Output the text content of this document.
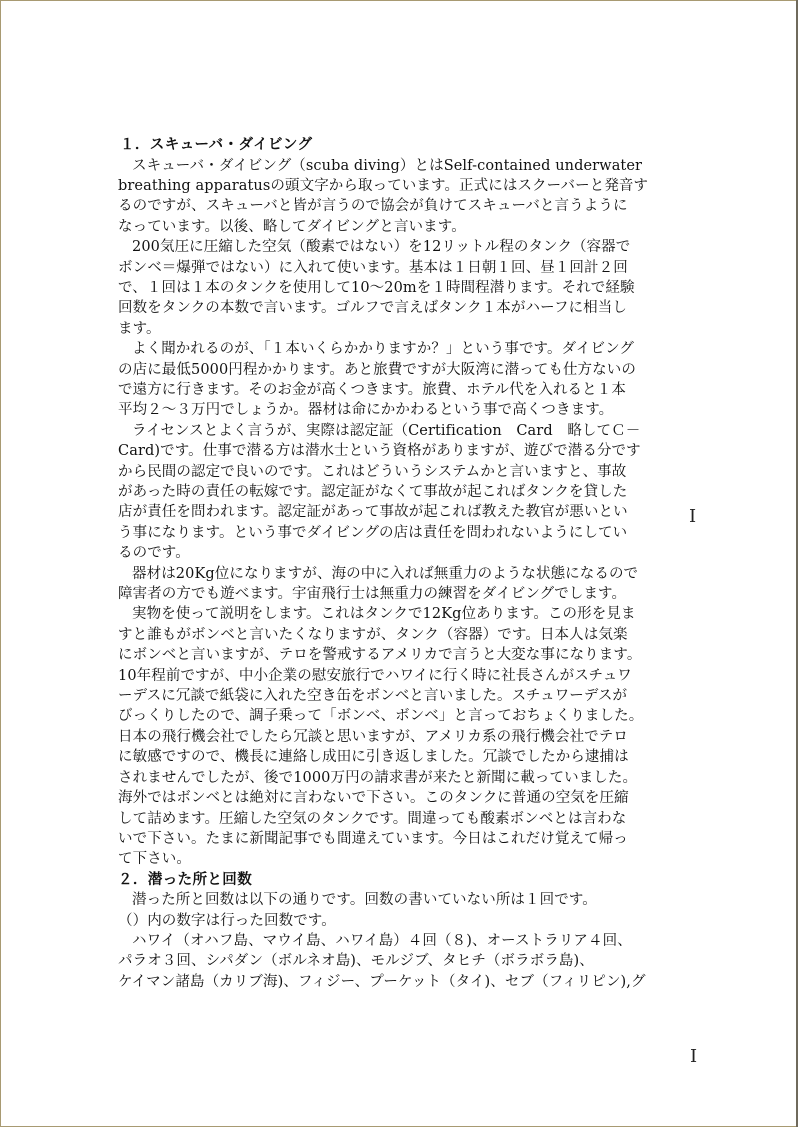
１．スキューバ・ダイビング
スキューバ・ダイビング（scuba diving）とはSelf-contained underwater
breathing apparatusの頭文字から取っています。正式にはスクーバーと発音す
るのですが、スキューバと皆が言うので協会が負けてスキューバと言うように
なっています。以後、略してダイビングと言います。
200気圧に圧縮した空気（酸素ではない）を12リットル程のタンク（容器で
ボンベ＝爆弾ではない）に入れて使います。基本は１日朝１回、昼１回計２回
で、１回は１本のタンクを使用して10～20mを１時間程潜ります。それで経験
回数をタンクの本数で言います。ゴルフで言えばタンク１本がハーフに相当し
ます。
よく聞かれるのが、「１本いくらかかりますか？」という事です。ダイビング
の店に最低5000円程かかります。あと旅費ですが大阪湾に潜っても仕方ないの
で遠方に行きます。そのお金が高くつきます。旅費、ホテル代を入れると１本
平均２～３万円でしょうか。器材は命にかかわるという事で高くつきます。
ライセンスとよく言うが、実際は認定証（Certification　Card　略してＣ－
Card)です。仕事で潜る方は潜水士という資格がありますが、遊びで潜る分です
から民間の認定で良いのです。これはどういうシステムかと言いますと、事故
があった時の責任の転嫁です。認定証がなくて事故が起こればタンクを貸した
店が責任を問われます。認定証があって事故が起これば教えた教官が悪いとい
う事になります。という事でダイビングの店は責任を問われないようにしてい
るのです。
器材は20Kg位になりますが、海の中に入れば無重力のような状態になるので
障害者の方でも遊べます。宇宙飛行士は無重力の練習をダイビングでします。
実物を使って説明をします。これはタンクで12Kg位あります。この形を見ま
すと誰もがボンベと言いたくなりますが、タンク（容器）です。日本人は気楽
にボンベと言いますが、テロを警戒するアメリカで言うと大変な事になります。
10年程前ですが、中小企業の慰安旅行でハワイに行く時に社長さんがスチュワ
ーデスに冗談で紙袋に入れた空き缶をボンベと言いました。スチュワーデスが
びっくりしたので、調子乗って「ボンベ、ボンベ」と言っておちょくりました。
日本の飛行機会社でしたら冗談と思いますが、アメリカ系の飛行機会社でテロ
に敏感ですので、機長に連絡し成田に引き返しました。冗談でしたから逮捕は
されませんでしたが、後で1000万円の請求書が来たと新聞に載っていました。
海外ではボンベとは絶対に言わないで下さい。このタンクに普通の空気を圧縮
して詰めます。圧縮した空気のタンクです。間違っても酸素ボンベとは言わな
いで下さい。たまに新聞記事でも間違えています。今日はこれだけ覚えて帰っ
て下さい。
２．潜った所と回数
潜った所と回数は以下の通りです。回数の書いていない所は１回です。
（）内の数字は行った回数です。
ハワイ（オハフ島、マウイ島、ハワイ島）４回（８)、オーストラリア４回、
パラオ３回、シパダン（ボルネオ島)、モルジブ、タヒチ（ボラボラ島)、
ケイマン諸島（カリブ海)、フィジー、プーケット（タイ)、セブ（フィリピン),グ
I
I
